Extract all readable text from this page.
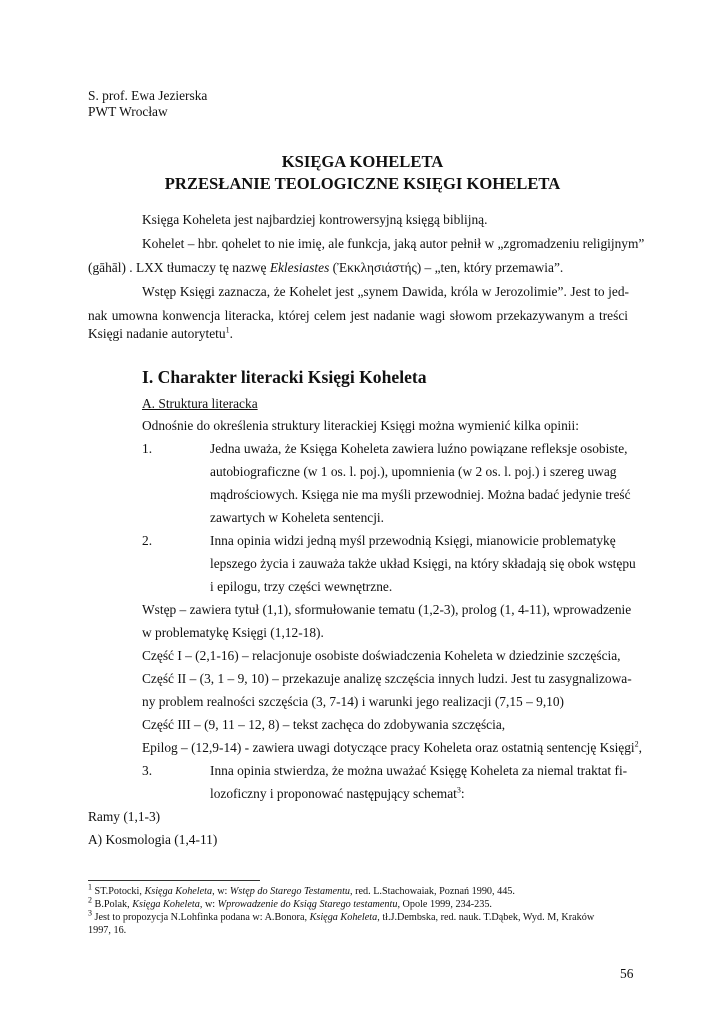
S. prof. Ewa Jezierska
PWT Wrocław
KSIĘGA KOHELETA
PRZESŁANIE TEOLOGICZNE KSIĘGI KOHELETA
Księga Koheleta jest najbardziej kontrowersyjną księgą biblijną.
Kohelet – hbr. qohelet to nie imię, ale funkcja, jaką autor pełnił w „zgromadzeniu religijnym”
(gāhāl) . LXX tłumaczy tę nazwę Eklesiastes (Ἐκκλησιάστής) – „ten, który przemawia”.
Wstęp Księgi zaznacza, że Kohelet jest „synem Dawida, króla w Jerozolimie”. Jest to jed-
nak umowna konwencja literacka, której celem jest nadanie wagi słowom przekazywanym a treści
Księgi nadanie autorytetu$^1$.
I. Charakter literacki Księgi Koheleta
A. Struktura literacka
Odnośnie do określenia struktury literackiej Księgi można wymienić kilka opinii:
1.	Jedna uważa, że Księga Koheleta zawiera luźno powiązane refleksje osobiste,
autobiograficzne (w 1 os. l. poj.), upomnienia (w 2 os. l. poj.) i szereg uwag
mądrościowych. Księga nie ma myśli przewodniej. Można badać jedynie treść
zawartych w Koheleta sentencji.
2.	Inna opinia widzi jedną myśl przewodnią Księgi, mianowicie problematykę
lepszego życia i zauważa także układ Księgi, na który składają się obok wstępu
i epilogu, trzy części wewnętrzne.
Wstęp – zawiera tytuł (1,1), sformułowanie tematu (1,2-3), prolog (1, 4-11), wprowadzenie
w problematykę Księgi (1,12-18).
Część I – (2,1-16) – relacjonuje osobiste doświadczenia Koheleta w dziedzinie szczęścia,
Część II – (3, 1 – 9, 10) – przekazuje analizę szczęścia innych ludzi. Jest tu zasygnalizowa-
ny problem realności szczęścia (3, 7-14) i warunki jego realizacji (7,15 – 9,10)
Część III – (9, 11 – 12, 8) – tekst zachęca do zdobywania szczęścia,
Epilog – (12,9-14) - zawiera uwagi dotyczące pracy Koheleta oraz ostatnią sentencję Księgi$^2$,
3.	Inna opinia stwierdza, że można uważać Księgę Koheleta za niemal traktat fi-
lozoficzny i proponować następujący schemat$^3$:
Ramy (1,1-3)
A) Kosmologia (1,4-11)
$^1$ ST.Potocki, Księga Koheleta, w: Wstęp do Starego Testamentu, red. L.Stachowaiak, Poznań 1990, 445.
$^2$ B.Polak, Księga Koheleta, w: Wprowadzenie do Ksiąg Starego testamentu, Opole 1999, 234-235.
$^3$ Jest to propozycja N.Lohfinka podana w: A.Bonora, Księga Koheleta, tł.J.Dembska, red. nauk. T.Dąbek, Wyd. M, Kraków
1997, 16.
56
